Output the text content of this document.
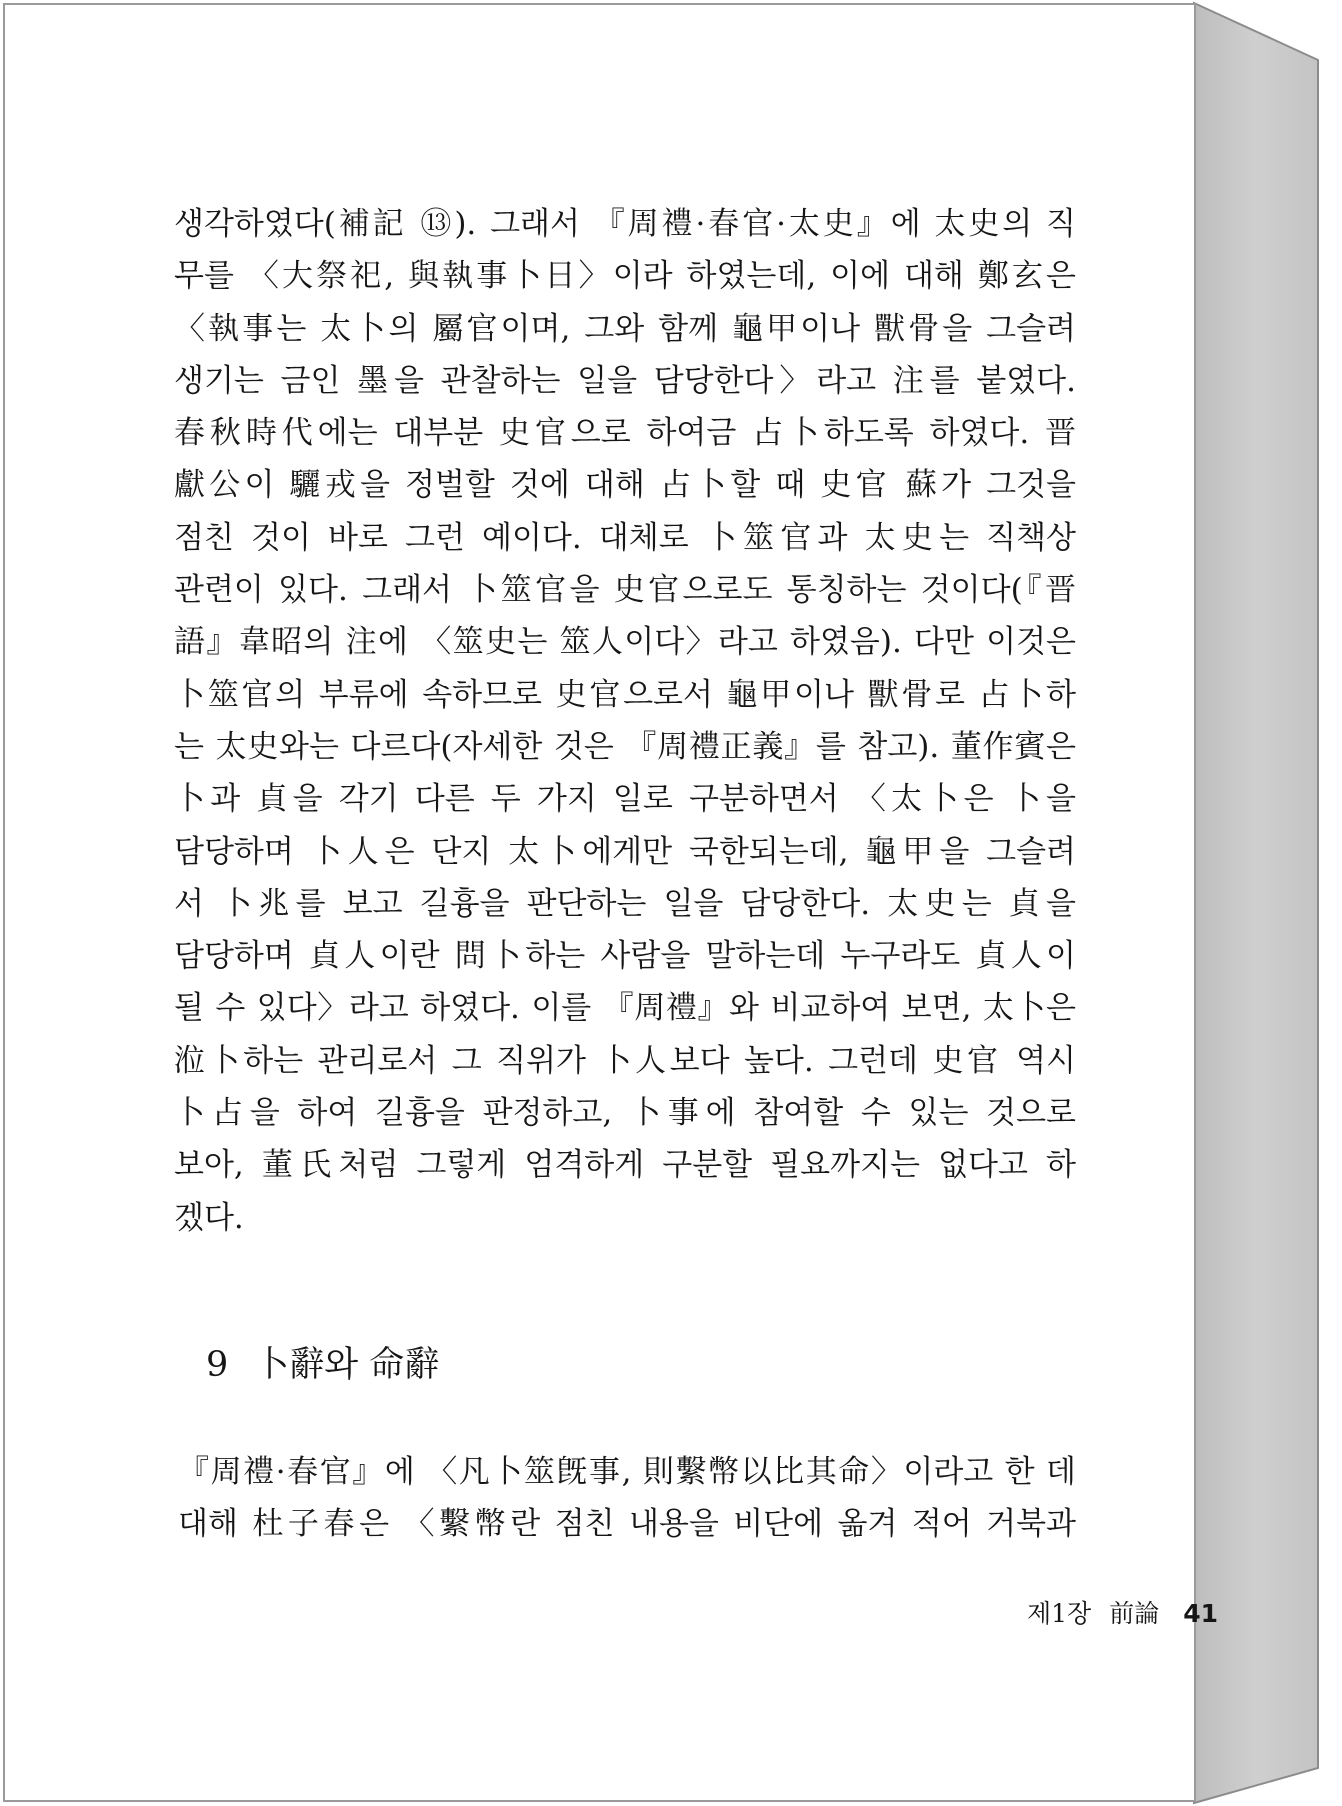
생각하였다(補記 ⑬). 그래서 『周禮·春官·太史』에 太史의 직
무를 〈大祭祀, 與執事卜日〉이라 하였는데, 이에 대해 鄭玄은
〈執事는 太卜의 屬官이며, 그와 함께 龜甲이나 獸骨을 그슬려
생기는 금인 墨을 관찰하는 일을 담당한다〉라고 注를 붙였다.
春秋時代에는 대부분 史官으로 하여금 占卜하도록 하였다. 晋
獻公이 驪戎을 정벌할 것에 대해 占卜할 때 史官 蘇가 그것을
점친 것이 바로 그런 예이다. 대체로 卜筮官과 太史는 직책상
관련이 있다. 그래서 卜筮官을 史官으로도 통칭하는 것이다(『晋
語』韋昭의 注에 〈筮史는 筮人이다〉라고 하였음). 다만 이것은
卜筮官의 부류에 속하므로 史官으로서 龜甲이나 獸骨로 占卜하
는 太史와는 다르다(자세한 것은 『周禮正義』를 참고). 董作賓은
卜과 貞을 각기 다른 두 가지 일로 구분하면서 〈太卜은 卜을
담당하며 卜人은 단지 太卜에게만 국한되는데, 龜甲을 그슬려
서 卜兆를 보고 길흉을 판단하는 일을 담당한다. 太史는 貞을
담당하며 貞人이란 問卜하는 사람을 말하는데 누구라도 貞人이
될 수 있다〉라고 하였다. 이를 『周禮』와 비교하여 보면, 太卜은
涖卜하는 관리로서 그 직위가 卜人보다 높다. 그런데 史官 역시
卜占을 하여 길흉을 판정하고, 卜事에 참여할 수 있는 것으로
보아, 董氏처럼 그렇게 엄격하게 구분할 필요까지는 없다고 하
겠다.
9 卜辭와 命辭
『周禮·春官』에 〈凡卜筮旣事, 則繫幣以比其命〉이라고 한 데
대해 杜子春은 〈繫幣란 점친 내용을 비단에 옮겨 적어 거북과
제1장 前論 41
